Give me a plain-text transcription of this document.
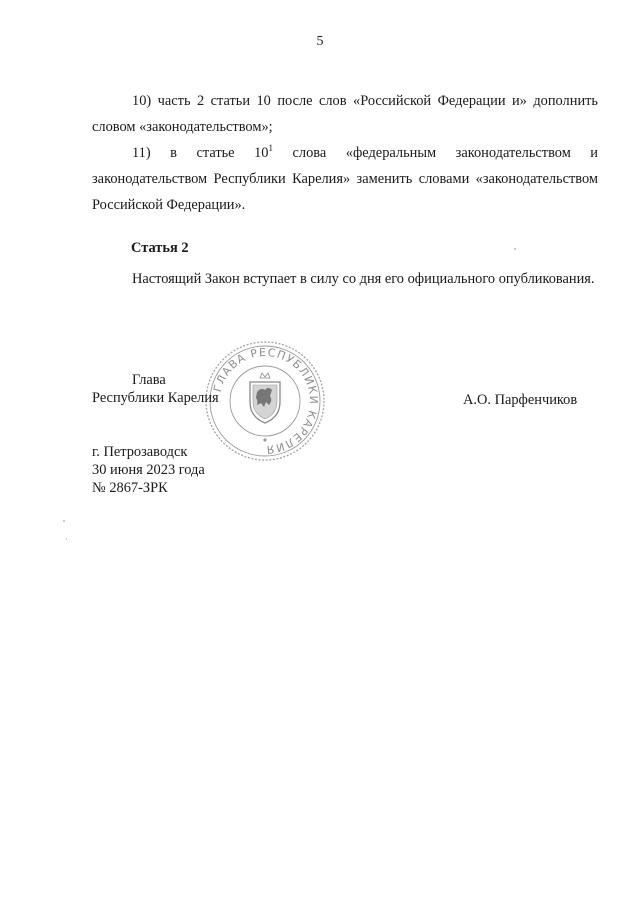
5

10) часть 2 статьи 10 после слов «Российской Федерации и» дополнить словом «законодательством»;

11) в статье $10^1$ слова «федеральным законодательством и законодательством Республики Карелия» заменить словами «законодательством Российской Федерации».

Статья 2

Настоящий Закон вступает в силу со дня его официального опубликования.

ГЛАВА РЕСПУБЛИКИ КАРЕЛИЯ

Глава

Республики Карелия	А.О. Парфенчиков

г. Петрозаводск

30 июня 2023 года

№ 2867-ЗРК
